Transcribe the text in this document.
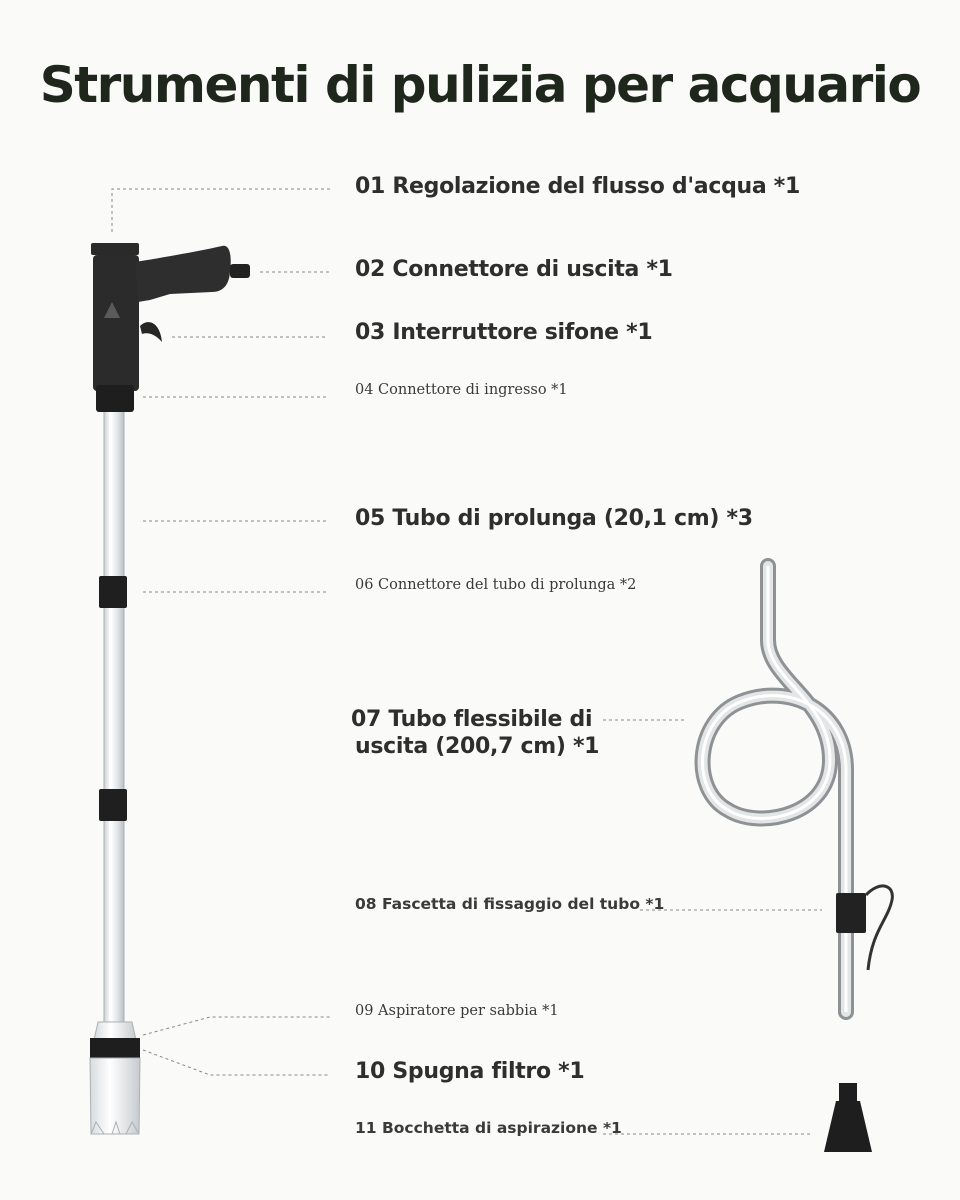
Strumenti di pulizia per acquario
01 Regolazione del flusso d'acqua *1
02 Connettore di uscita *1
03 Interruttore sifone *1
04 Connettore di ingresso *1
05 Tubo di prolunga (20,1 cm) *3
06 Connettore del tubo di prolunga *2
07 Tubo flessibile di
uscita (200,7 cm) *1
08 Fascetta di fissaggio del tubo *1
09 Aspiratore per sabbia *1
10 Spugna filtro *1
11 Bocchetta di aspirazione *1
